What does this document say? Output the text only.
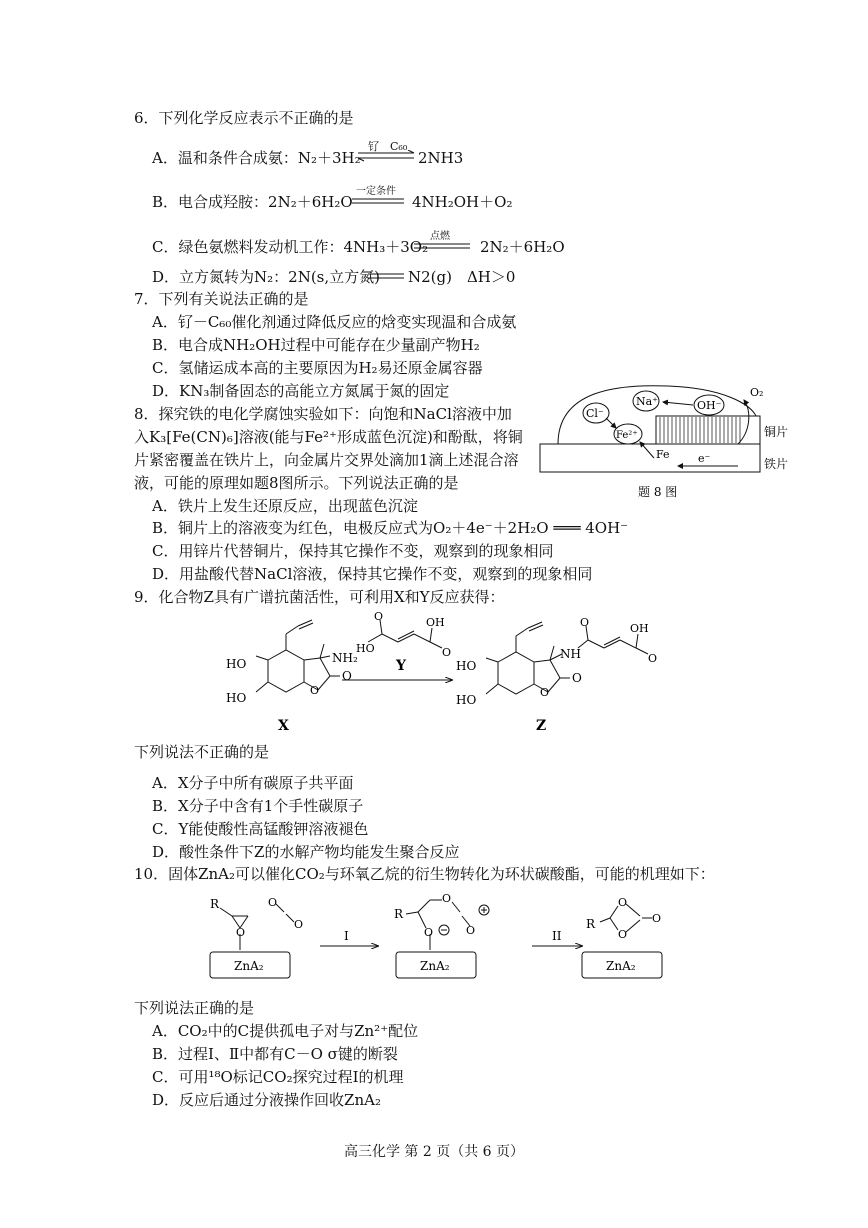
6．下列化学反应表示不正确的是
A．温和条件合成氨：N₂＋3H₂
钌　C₆₀
2NH3
B．电合成羟胺：2N₂＋6H₂O
一定条件
4NH₂OH＋O₂
C．绿色氨燃料发动机工作：4NH₃＋3O₂
点燃
2N₂＋6H₂O
D．立方氮转为N₂：2N(s,立方氮) N2(g)　ΔH＞0
7．下列有关说法正确的是
A．钌－C₆₀催化剂通过降低反应的焓变实现温和合成氨
B．电合成NH₂OH过程中可能存在少量副产物H₂
C．氢储运成本高的主要原因为H₂易还原金属容器
D．KN₃制备固态的高能立方氮属于氮的固定
8．探究铁的电化学腐蚀实验如下：向饱和NaCl溶液中加
入K₃[Fe(CN)₆]溶液(能与Fe²⁺形成蓝色沉淀)和酚酞，将铜
片紧密覆盖在铁片上，向金属片交界处滴加1滴上述混合溶
液，可能的原理如题8图所示。下列说法正确的是
Cl⁻
Na⁺	OH⁻
Fe²⁺
Fe	e⁻
O₂
铜片
铁片
题 8 图
A．铁片上发生还原反应，出现蓝色沉淀
B．铜片上的溶液变为红色，电极反应式为O₂＋4e⁻＋2H₂O ═══ 4OH⁻
C．用锌片代替铜片，保持其它操作不变，观察到的现象相同
D．用盐酸代替NaCl溶液，保持其它操作不变，观察到的现象相同
9．化合物Z具有广谱抗菌活性，可利用X和Y反应获得：
HO
HO
O
O
NH₂
X
HO
O	OH
O
Y	HO
HO
O
O
NH
O	OH
O
Z
下列说法不正确的是
A．X分子中所有碳原子共平面
B．X分子中含有1个手性碳原子
C．Y能使酸性高锰酸钾溶液褪色
D．酸性条件下Z的水解产物均能发生聚合反应
10．固体ZnA₂可以催化CO₂与环氧乙烷的衍生物转化为环状碳酸酯，可能的机理如下：
R
O
O
O
ZnA₂
I
R
O
O	O
ZnA₂
II
R
O
O
O
ZnA₂
下列说法正确的是
A．CO₂中的C提供孤电子对与Zn²⁺配位
B．过程Ⅰ、Ⅱ中都有C－O σ键的断裂
C．可用¹⁸O标记CO₂探究过程Ⅰ的机理
D．反应后通过分液操作回收ZnA₂
高三化学 第 2 页（共 6 页）
